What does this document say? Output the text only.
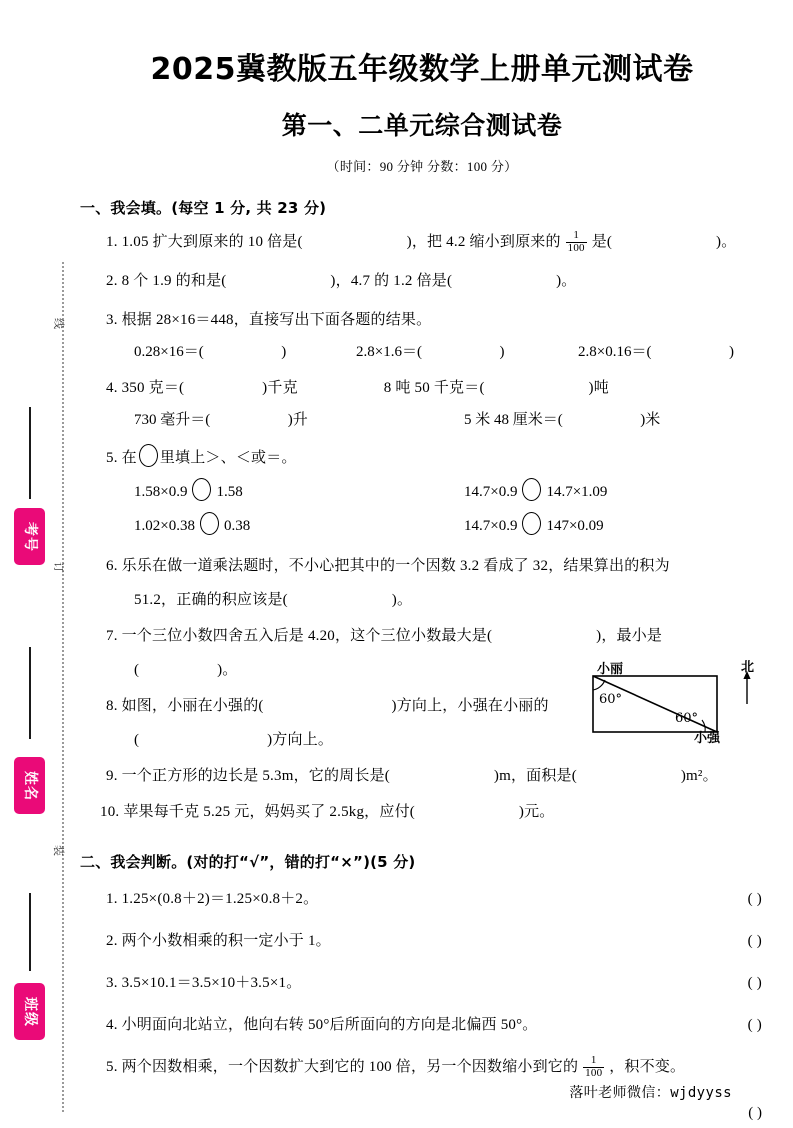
线
订
装
考号
姓名
班级
2025冀教版五年级数学上册单元测试卷
第一、二单元综合测试卷
（时间：90 分钟 分数：100 分）
一、我会填。(每空 1 分, 共 23 分)
1. 1.05 扩大到原来的 10 倍是(	)，把 4.2 缩小到原来的 $\frac{1}{100}$ 是(	)。
2. 8 个 1.9 的和是(	)，4.7 的 1.2 倍是(	)。
3. 根据 28×16＝448，直接写出下面各题的结果。
0.28×16＝(	)	2.8×1.6＝(	)	2.8×0.16＝(	)
4. 350 克＝(	)千克	8 吨 50 千克＝(	)吨
730 毫升＝(	)升	5 米 48 厘米＝(	)米
5. 在 里填上＞、＜或＝。
1.58×0.9 1.58	14.7×0.9 14.7×1.09
1.02×0.38 0.38	14.7×0.9 147×0.09
6. 乐乐在做一道乘法题时，不小心把其中的一个因数 3.2 看成了 32，结果算出的积为
51.2，正确的积应该是(	)。
7. 一个三位小数四舍五入后是 4.20，这个三位小数最大是(	)，最小是
(	)。
8. 如图，小丽在小强的(	)方向上，小强在小丽的
(	)方向上。
9. 一个正方形的边长是 5.3m，它的周长是(	)m，面积是(	)m²。
10. 苹果每千克 5.25 元，妈妈买了 2.5kg，应付(	)元。
60°
60°
小丽
小强
北
二、我会判断。(对的打“√”，错的打“×”)(5 分)
1. 1.25×(0.8＋2)＝1.25×0.8＋2。	( )
2. 两个小数相乘的积一定小于 1。	( )
3. 3.5×10.1＝3.5×10＋3.5×1。	( )
4. 小明面向北站立，他向右转 50°后所面向的方向是北偏西 50°。	( )
5. 两个因数相乘，一个因数扩大到它的 100 倍，另一个因数缩小到它的 $\frac{1}{100}$ ，积不变。
( )
落叶老师微信：wjdyyss
